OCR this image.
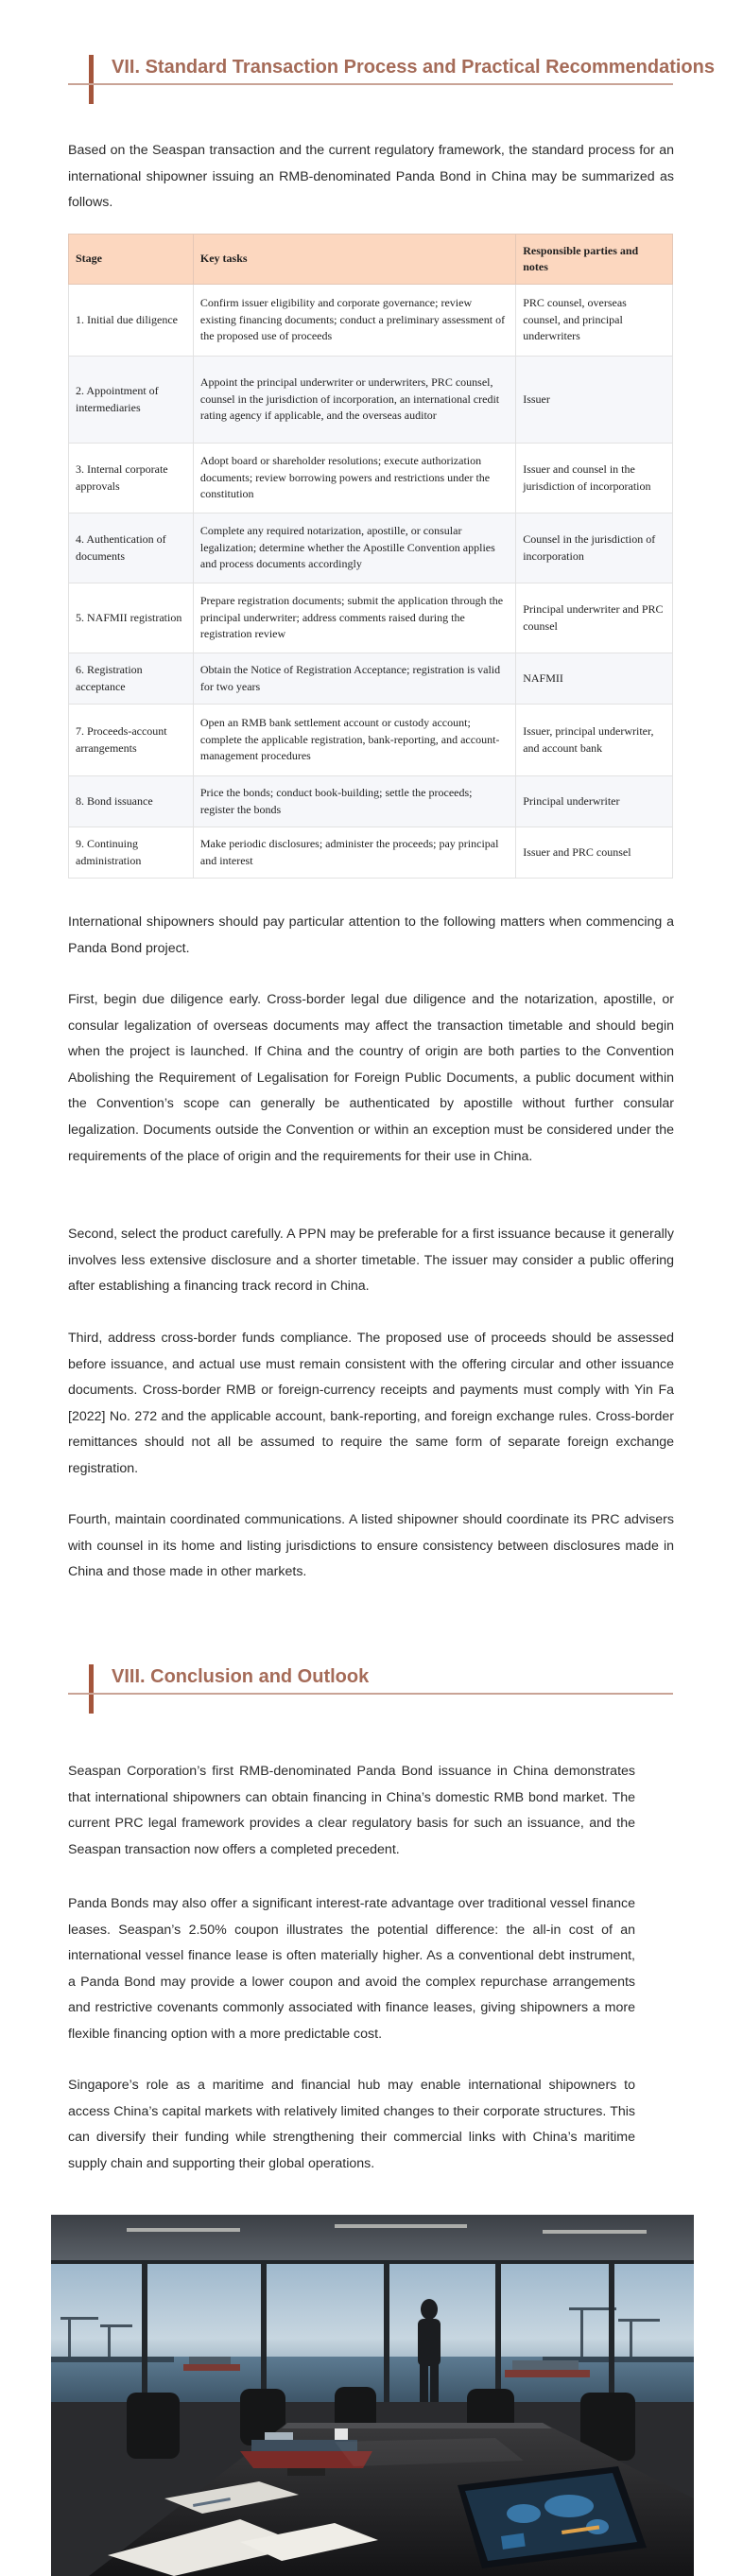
VII. Standard Transaction Process and Practical Recommendations
Based on the Seaspan transaction and the current regulatory framework, the standard process for an international shipowner issuing an RMB-denominated Panda Bond in China may be summarized as follows.
Stage	Key tasks	Responsible parties and notes
1. Initial due diligence	Confirm issuer eligibility and corporate governance; review existing financing documents; conduct a preliminary assessment of the proposed use of proceeds	PRC counsel, overseas counsel, and principal underwriters
2. Appointment of intermediaries	Appoint the principal underwriter or underwriters, PRC counsel, counsel in the jurisdiction of incorporation, an international credit rating agency if applicable, and the overseas auditor	Issuer
3. Internal corporate approvals	Adopt board or shareholder resolutions; execute authorization documents; review borrowing powers and restrictions under the constitution	Issuer and counsel in the jurisdiction of incorporation
4. Authentication of documents	Complete any required notarization, apostille, or consular legalization; determine whether the Apostille Convention applies and process documents accordingly	Counsel in the jurisdiction of incorporation
5. NAFMII registration	Prepare registration documents; submit the application through the principal underwriter; address comments raised during the registration review	Principal underwriter and PRC counsel
6. Registration acceptance	Obtain the Notice of Registration Acceptance; registration is valid for two years	NAFMII
7. Proceeds-account arrangements	Open an RMB bank settlement account or custody account; complete the applicable registration, bank-reporting, and account-management procedures	Issuer, principal underwriter, and account bank
8. Bond issuance	Price the bonds; conduct book-building; settle the proceeds; register the bonds	Principal underwriter
9. Continuing administration	Make periodic disclosures; administer the proceeds; pay principal and interest	Issuer and PRC counsel
International shipowners should pay particular attention to the following matters when commencing a Panda Bond project.
First, begin due diligence early. Cross-border legal due diligence and the notarization, apostille, or consular legalization of overseas documents may affect the transaction timetable and should begin when the project is launched. If China and the country of origin are both parties to the Convention Abolishing the Requirement of Legalisation for Foreign Public Documents, a public document within the Convention’s scope can generally be authenticated by apostille without further consular legalization. Documents outside the Convention or within an exception must be considered under the requirements of the place of origin and the requirements for their use in China.
Second, select the product carefully. A PPN may be preferable for a first issuance because it generally involves less extensive disclosure and a shorter timetable. The issuer may consider a public offering after establishing a financing track record in China.
Third, address cross-border funds compliance. The proposed use of proceeds should be assessed before issuance, and actual use must remain consistent with the offering circular and other issuance documents. Cross-border RMB or foreign-currency receipts and payments must comply with Yin Fa [2022] No. 272 and the applicable account, bank-reporting, and foreign exchange rules. Cross-border remittances should not all be assumed to require the same form of separate foreign exchange registration.
Fourth, maintain coordinated communications. A listed shipowner should coordinate its PRC advisers with counsel in its home and listing jurisdictions to ensure consistency between disclosures made in China and those made in other markets.
VIII. Conclusion and Outlook
Seaspan Corporation’s first RMB-denominated Panda Bond issuance in China demonstrates that international shipowners can obtain financing in China’s domestic RMB bond market. The current PRC legal framework provides a clear regulatory basis for such an issuance, and the Seaspan transaction now offers a completed precedent.
Panda Bonds may also offer a significant interest-rate advantage over traditional vessel finance leases. Seaspan’s 2.50% coupon illustrates the potential difference: the all-in cost of an international vessel finance lease is often materially higher. As a conventional debt instrument, a Panda Bond may provide a lower coupon and avoid the complex repurchase arrangements and restrictive covenants commonly associated with finance leases, giving shipowners a more flexible financing option with a more predictable cost.
Singapore’s role as a maritime and financial hub may enable international shipowners to access China’s capital markets with relatively limited changes to their corporate structures. This can diversify their funding while strengthening their commercial links with China’s maritime supply chain and supporting their global operations.
